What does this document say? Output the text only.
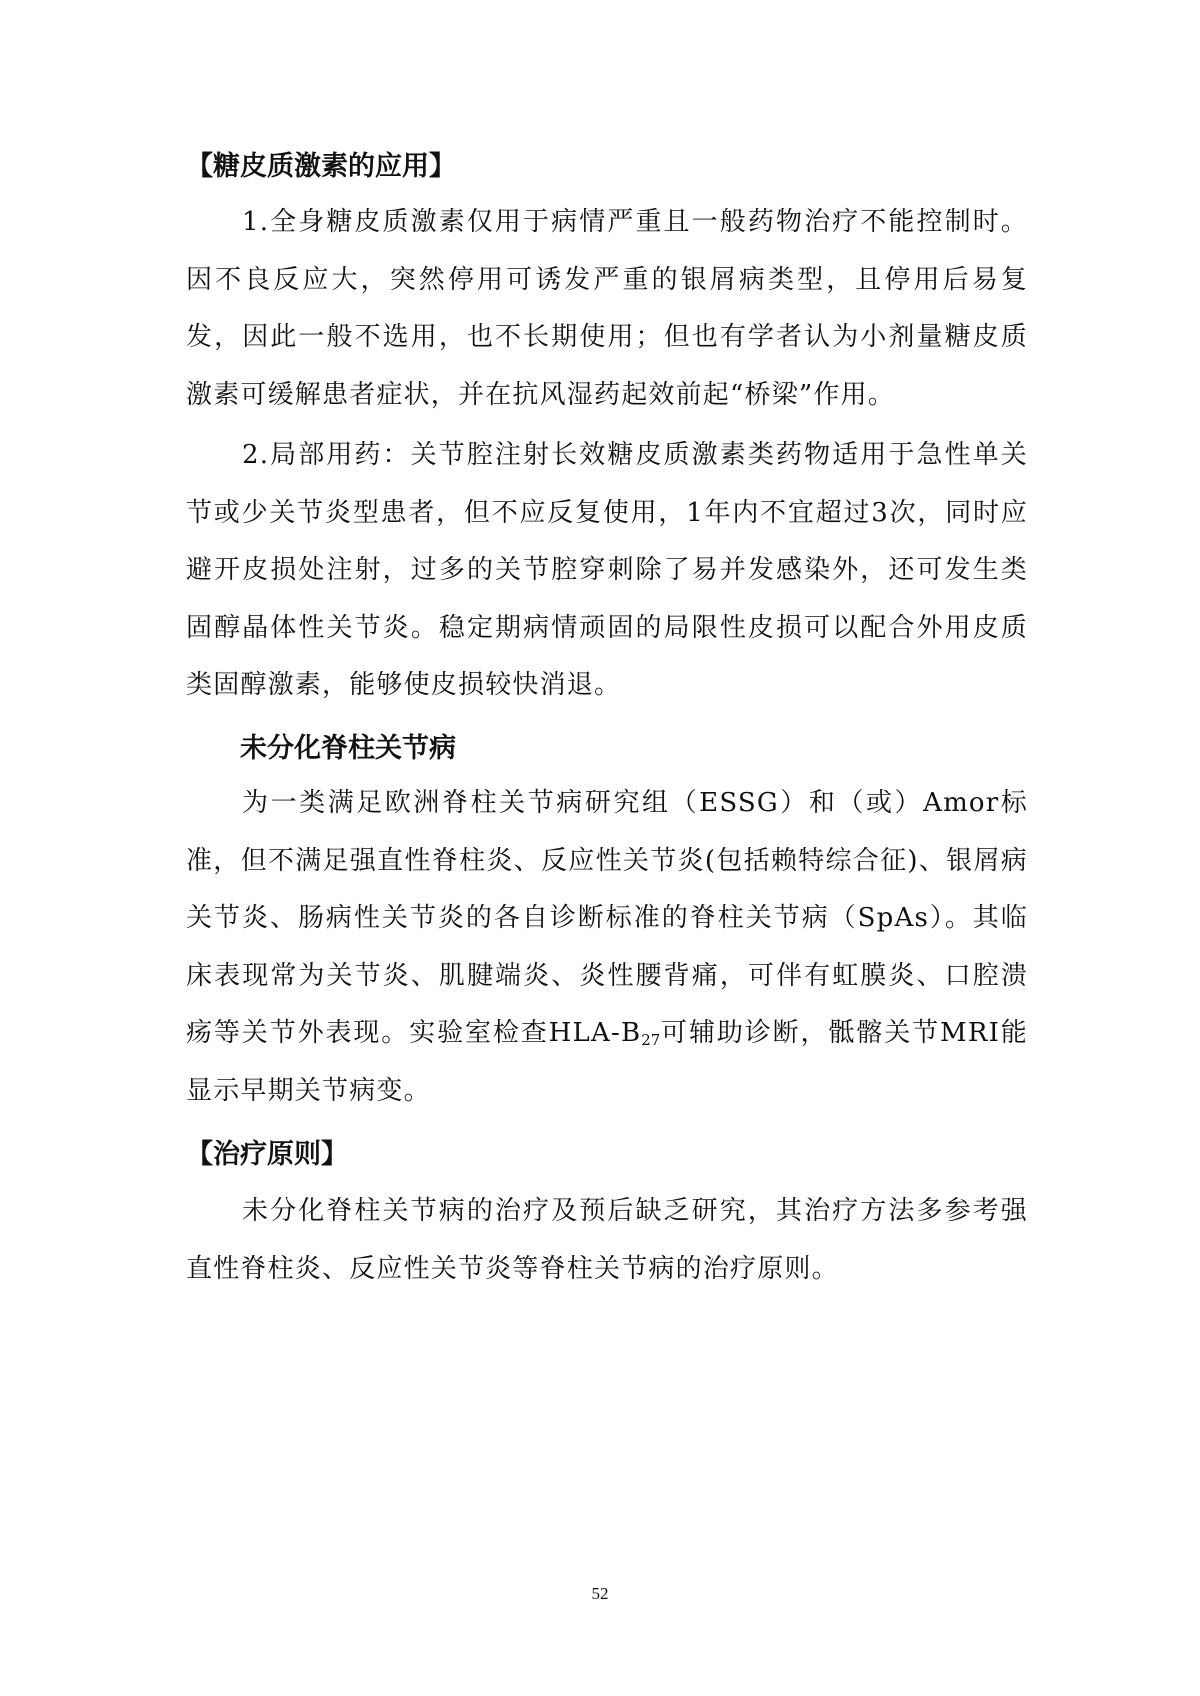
【糖皮质激素的应用】
1.全身糖皮质激素仅用于病情严重且一般药物治疗不能控制时。因不良反应大，突然停用可诱发严重的银屑病类型，且停用后易复发，因此一般不选用，也不长期使用；但也有学者认为小剂量糖皮质激素可缓解患者症状，并在抗风湿药起效前起“桥梁”作用。
2.局部用药：关节腔注射长效糖皮质激素类药物适用于急性单关节或少关节炎型患者，但不应反复使用，1年内不宜超过3次，同时应避开皮损处注射，过多的关节腔穿刺除了易并发感染外，还可发生类固醇晶体性关节炎。稳定期病情顽固的局限性皮损可以配合外用皮质类固醇激素，能够使皮损较快消退。
未分化脊柱关节病
为一类满足欧洲脊柱关节病研究组（ESSG）和（或）Amor标准，但不满足强直性脊柱炎、反应性关节炎(包括赖特综合征)、银屑病关节炎、肠病性关节炎的各自诊断标准的脊柱关节病（SpAs）。其临床表现常为关节炎、肌腱端炎、炎性腰背痛，可伴有虹膜炎、口腔溃疡等关节外表现。实验室检查HLA-$B_{27}$可辅助诊断，骶髂关节MRI能显示早期关节病变。
【治疗原则】
未分化脊柱关节病的治疗及预后缺乏研究，其治疗方法多参考强直性脊柱炎、反应性关节炎等脊柱关节病的治疗原则。
52
